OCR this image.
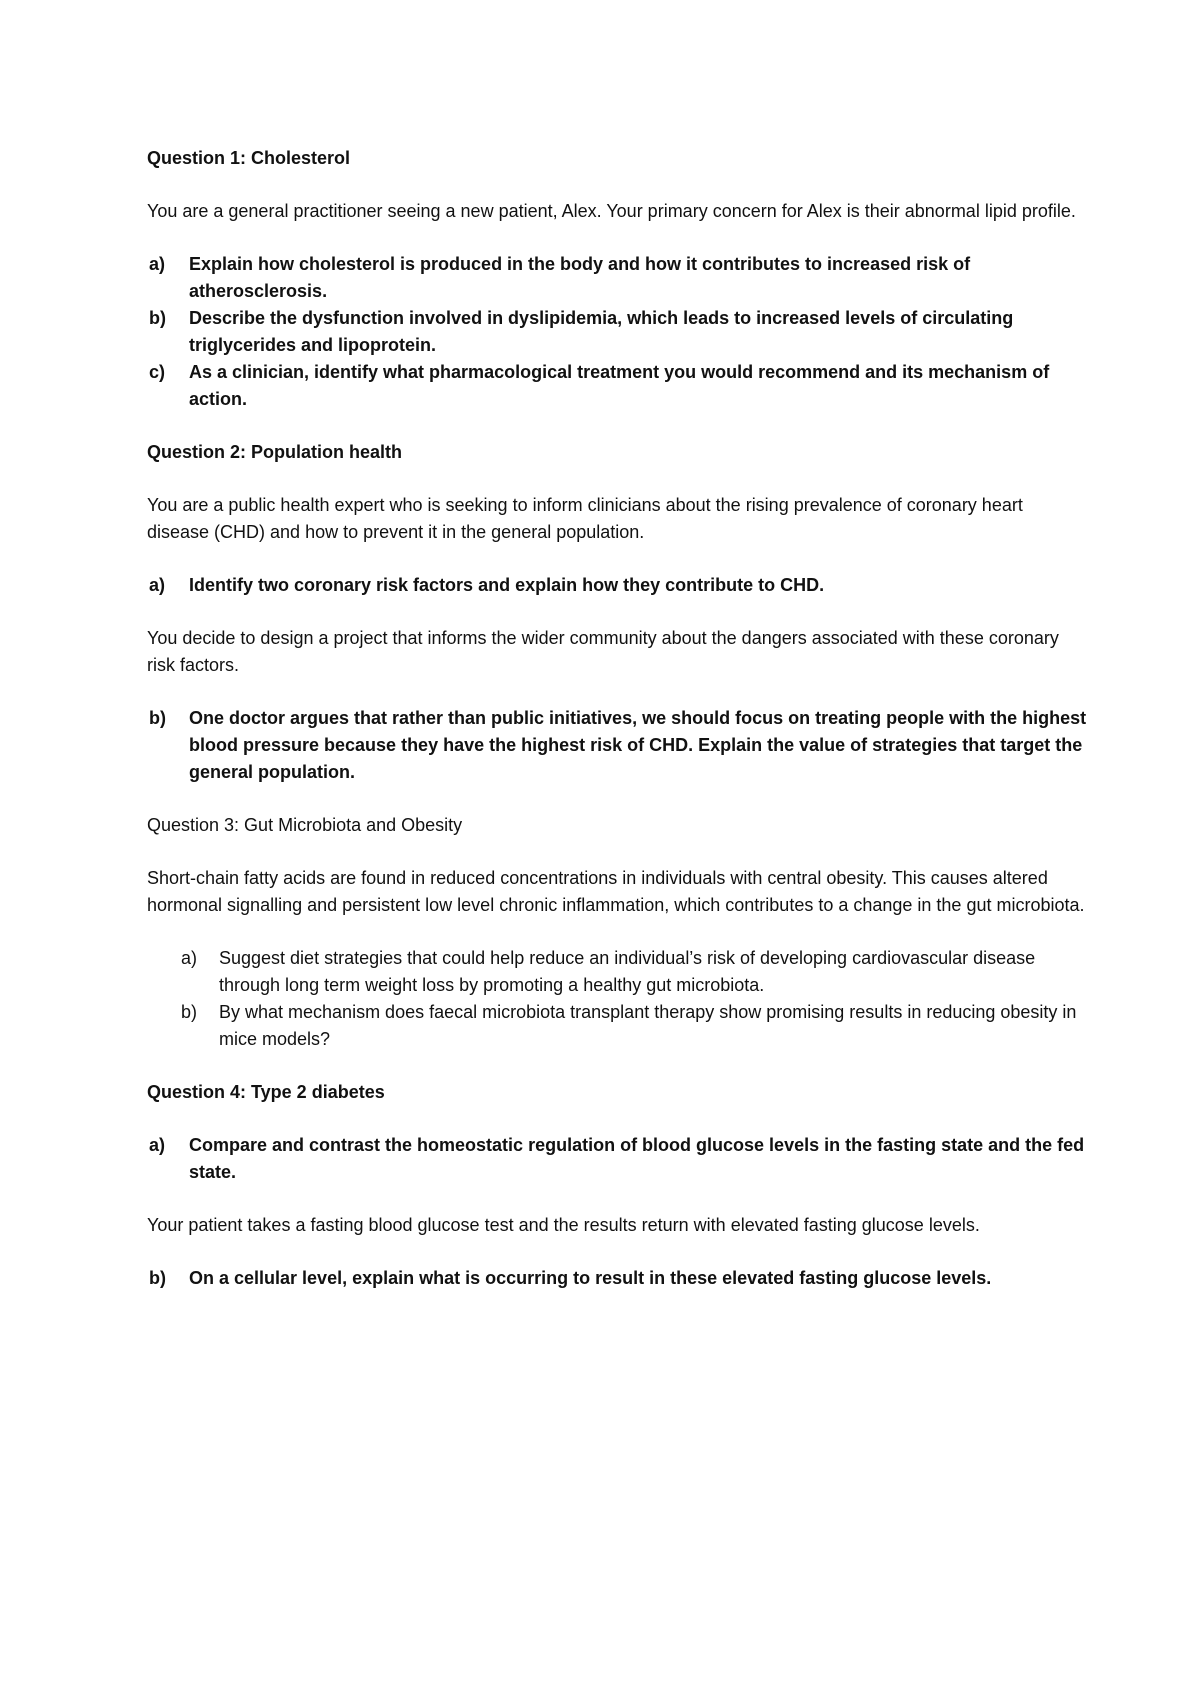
Question 1: Cholesterol

You are a general practitioner seeing a new patient, Alex. Your primary concern for Alex is their abnormal lipid profile.

a) Explain how cholesterol is produced in the body and how it contributes to increased risk of atherosclerosis.
b) Describe the dysfunction involved in dyslipidemia, which leads to increased levels of circulating triglycerides and lipoprotein.
c) As a clinician, identify what pharmacological treatment you would recommend and its mechanism of action.

Question 2: Population health

You are a public health expert who is seeking to inform clinicians about the rising prevalence of coronary heart disease (CHD) and how to prevent it in the general population.

a) Identify two coronary risk factors and explain how they contribute to CHD.

You decide to design a project that informs the wider community about the dangers associated with these coronary risk factors.

b) One doctor argues that rather than public initiatives, we should focus on treating people with the highest blood pressure because they have the highest risk of CHD. Explain the value of strategies that target the general population.

Question 3: Gut Microbiota and Obesity

Short-chain fatty acids are found in reduced concentrations in individuals with central obesity. This causes altered hormonal signalling and persistent low level chronic inflammation, which contributes to a change in the gut microbiota.

a) Suggest diet strategies that could help reduce an individual’s risk of developing cardiovascular disease through long term weight loss by promoting a healthy gut microbiota.
b) By what mechanism does faecal microbiota transplant therapy show promising results in reducing obesity in mice models?

Question 4: Type 2 diabetes

a) Compare and contrast the homeostatic regulation of blood glucose levels in the fasting state and the fed state.

Your patient takes a fasting blood glucose test and the results return with elevated fasting glucose levels.

b) On a cellular level, explain what is occurring to result in these elevated fasting glucose levels.
